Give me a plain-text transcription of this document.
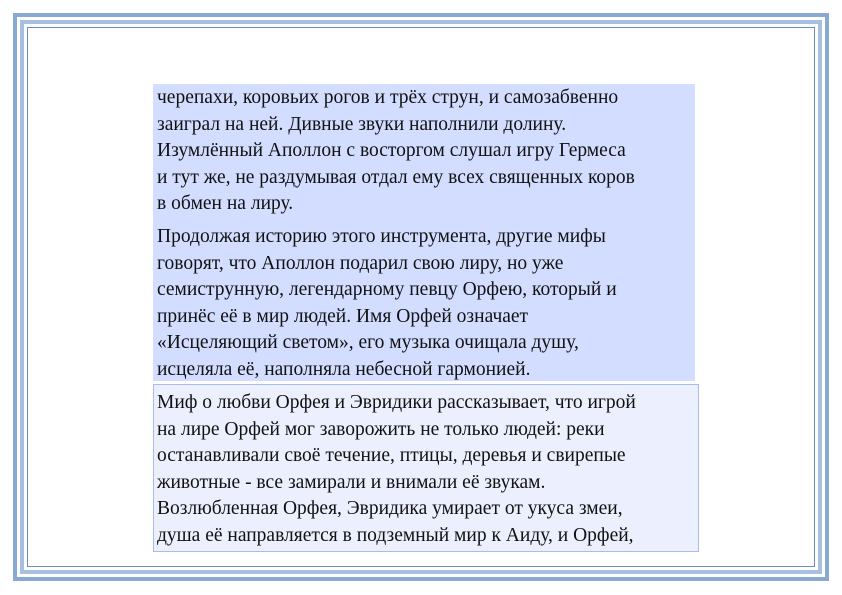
черепахи, коровьих рогов и трёх струн, и самозабвенно
заиграл на ней. Дивные звуки наполнили долину.
Изумлённый Аполлон с восторгом слушал игру Гермеса
и тут же, не раздумывая отдал ему всех священных коров
в обмен на лиру.
Продолжая историю этого инструмента, другие мифы
говорят, что Аполлон подарил свою лиру, но уже
семиструнную, легендарному певцу Орфею, который и
принёс её в мир людей. Имя Орфей означает
«Исцеляющий светом», его музыка очищала душу,
исцеляла её, наполняла небесной гармонией.
Миф о любви Орфея и Эвридики рассказывает, что игрой
на лире Орфей мог заворожить не только людей: реки
останавливали своё течение, птицы, деревья и свирепые
животные - все замирали и внимали её звукам.
Возлюбленная Орфея, Эвридика умирает от укуса змеи,
душа её направляется в подземный мир к Аиду, и Орфей,
